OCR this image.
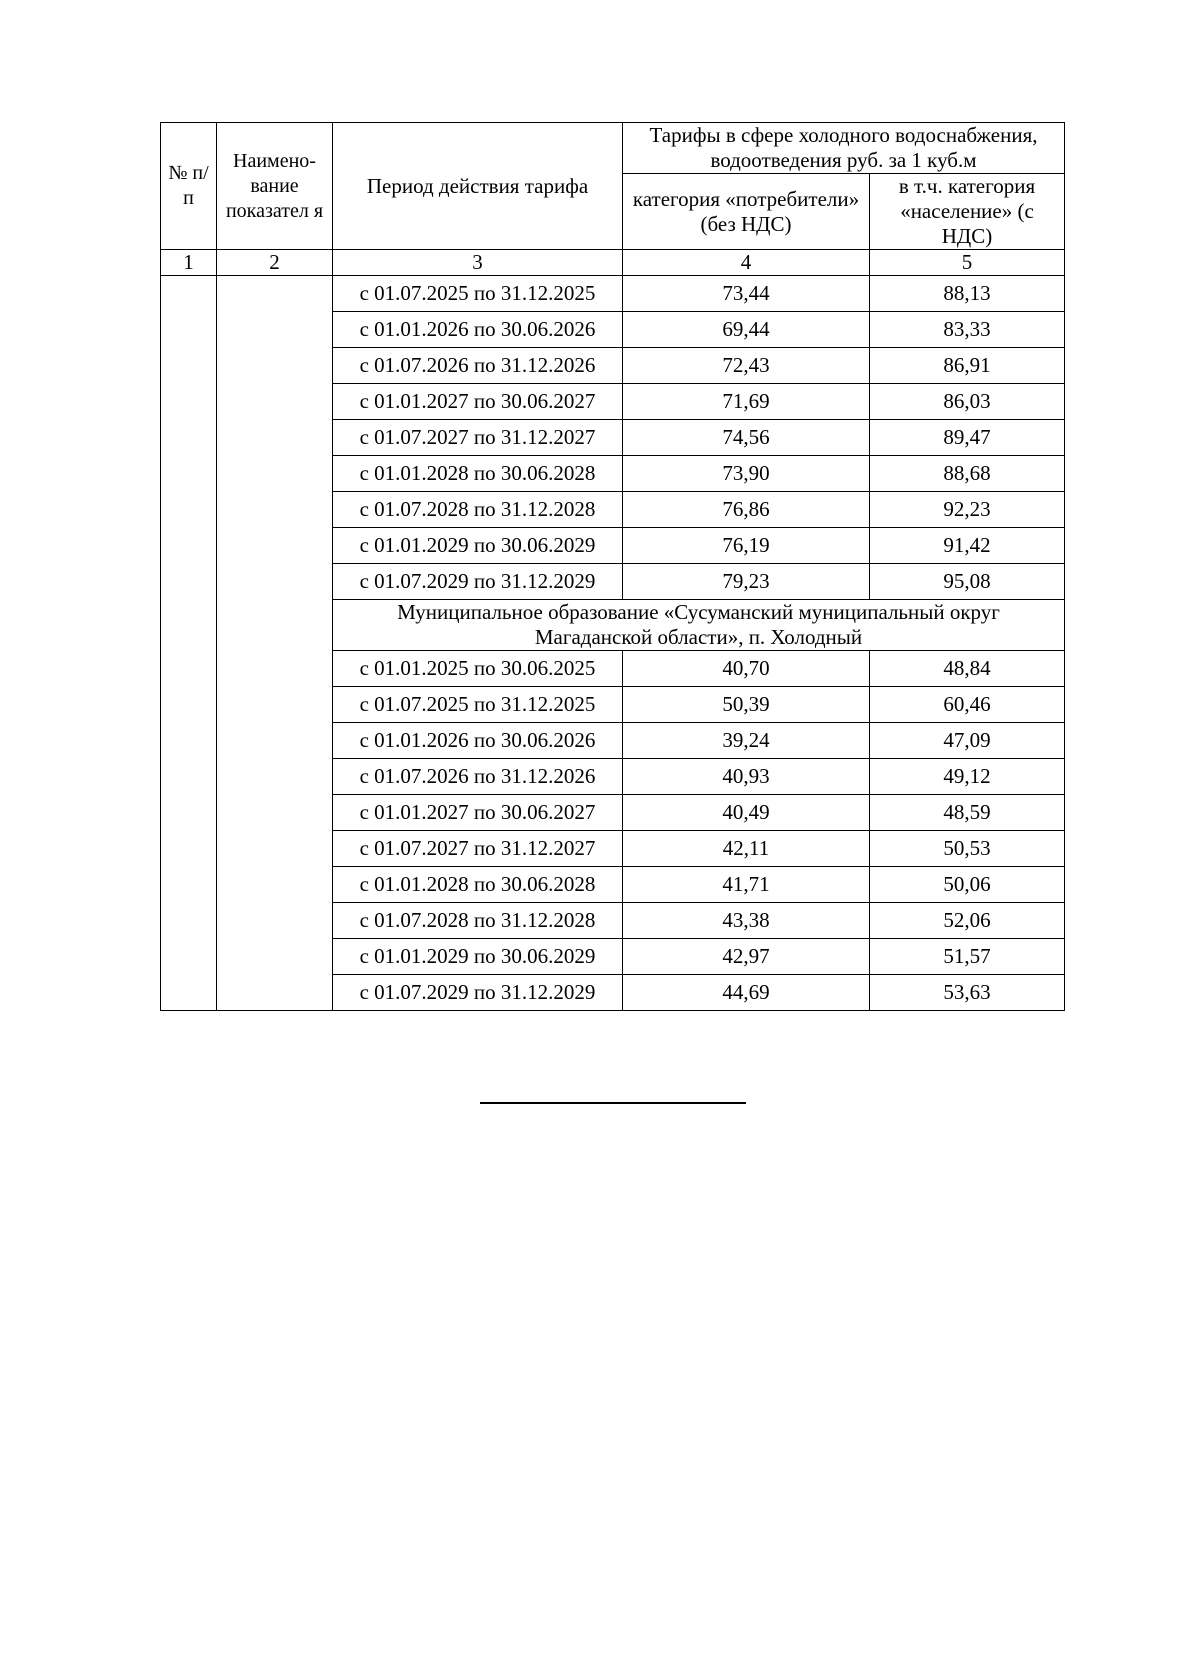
№ п/п	Наимено-вание показател я	Период действия тарифа	Тарифы в сфере холодного водоснабжения, водоотведения руб. за 1 куб.м	
			категория «потребители» (без НДС)	в т.ч. категория «население» (с НДС)
1	2	3	4	5
		с 01.07.2025 по 31.12.2025	73,44	88,13
		с 01.01.2026 по 30.06.2026	69,44	83,33
		с 01.07.2026 по 31.12.2026	72,43	86,91
		с 01.01.2027 по 30.06.2027	71,69	86,03
		с 01.07.2027 по 31.12.2027	74,56	89,47
		с 01.01.2028 по 30.06.2028	73,90	88,68
		с 01.07.2028 по 31.12.2028	76,86	92,23
		с 01.01.2029 по 30.06.2029	76,19	91,42
		с 01.07.2029 по 31.12.2029	79,23	95,08
		Муниципальное образование «Сусуманский муниципальный округ Магаданской области», п. Холодный		
		с 01.01.2025 по 30.06.2025	40,70	48,84
		с 01.07.2025 по 31.12.2025	50,39	60,46
		с 01.01.2026 по 30.06.2026	39,24	47,09
		с 01.07.2026 по 31.12.2026	40,93	49,12
		с 01.01.2027 по 30.06.2027	40,49	48,59
		с 01.07.2027 по 31.12.2027	42,11	50,53
		с 01.01.2028 по 30.06.2028	41,71	50,06
		с 01.07.2028 по 31.12.2028	43,38	52,06
		с 01.01.2029 по 30.06.2029	42,97	51,57
		с 01.07.2029 по 31.12.2029	44,69	53,63
